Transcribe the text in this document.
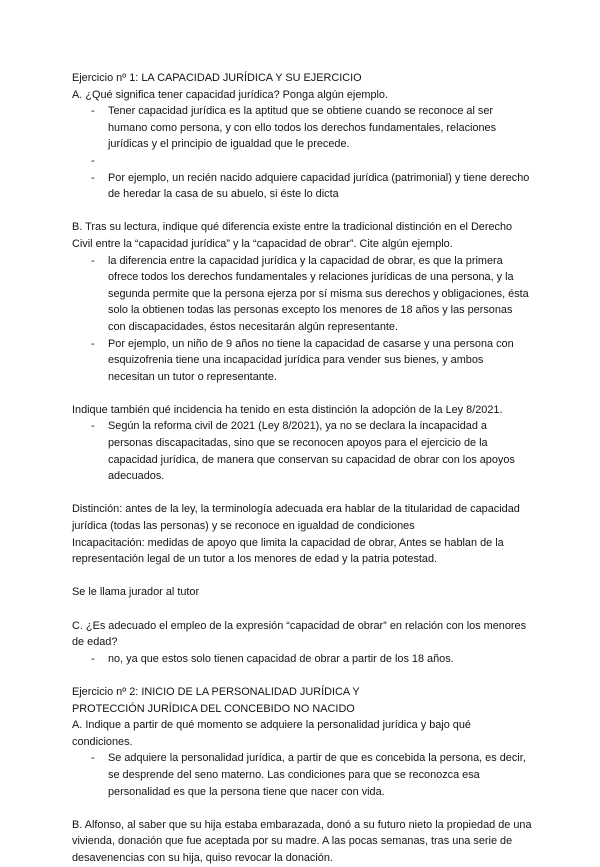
Ejercicio nº 1: LA CAPACIDAD JURÍDICA Y SU EJERCICIO

A. ¿Qué significa tener capacidad jurídica? Ponga algún ejemplo.

- Tener capacidad jurídica es la aptitud que se obtiene cuando se reconoce al ser humano como persona, y con ello todos los derechos fundamentales, relaciones jurídicas y el principio de igualdad que le precede.
-
- Por ejemplo, un recién nacido adquiere capacidad jurídica (patrimonial) y tiene derecho de heredar la casa de su abuelo, si éste lo dicta

B. Tras su lectura, indique qué diferencia existe entre la tradicional distinción en el Derecho Civil entre la “capacidad jurídica” y la “capacidad de obrar”. Cite algún ejemplo.

- la diferencia entre la capacidad jurídica y la capacidad de obrar, es que la primera ofrece todos los derechos fundamentales y relaciones jurídicas de una persona, y la segunda permite que la persona ejerza por sí misma sus derechos y obligaciones, ésta solo la obtienen todas las personas excepto los menores de 18 años y las personas con discapacidades, éstos necesitarán algún representante.
- Por ejemplo, un niño de 9 años no tiene la capacidad de casarse y una persona con esquizofrenia tiene una incapacidad jurídica para vender sus bienes, y ambos necesitan un tutor o representante.

Indique también qué incidencia ha tenido en esta distinción la adopción de la Ley 8/2021.

- Según la reforma civil de 2021 (Ley 8/2021), ya no se declara la incapacidad a personas discapacitadas, sino que se reconocen apoyos para el ejercicio de la capacidad jurídica, de manera que conservan su capacidad de obrar con los apoyos adecuados.

Distinción: antes de la ley, la terminología adecuada era hablar de la titularidad de capacidad jurídica (todas las personas) y se reconoce en igualdad de condiciones

Incapacitación: medidas de apoyo que limita la capacidad de obrar, Antes se hablan de la representación legal de un tutor a los menores de edad y la patria potestad.

Se le llama jurador al tutor

C. ¿Es adecuado el empleo de la expresión “capacidad de obrar” en relación con los menores de edad?

- no, ya que estos solo tienen capacidad de obrar a partir de los 18 años.

Ejercicio nº 2: INICIO DE LA PERSONALIDAD JURÍDICA Y

PROTECCIÓN JURÍDICA DEL CONCEBIDO NO NACIDO

A. Indique a partir de qué momento se adquiere la personalidad jurídica y bajo qué condiciones.

- Se adquiere la personalidad jurídica, a partir de que es concebida la persona, es decir, se desprende del seno materno. Las condiciones para que se reconozca esa personalidad es que la persona tiene que nacer con vida.

B. Alfonso, al saber que su hija estaba embarazada, donó a su futuro nieto la propiedad de una vivienda, donación que fue aceptada por su madre. A las pocas semanas, tras una serie de desavenencias con su hija, quiso revocar la donación.
